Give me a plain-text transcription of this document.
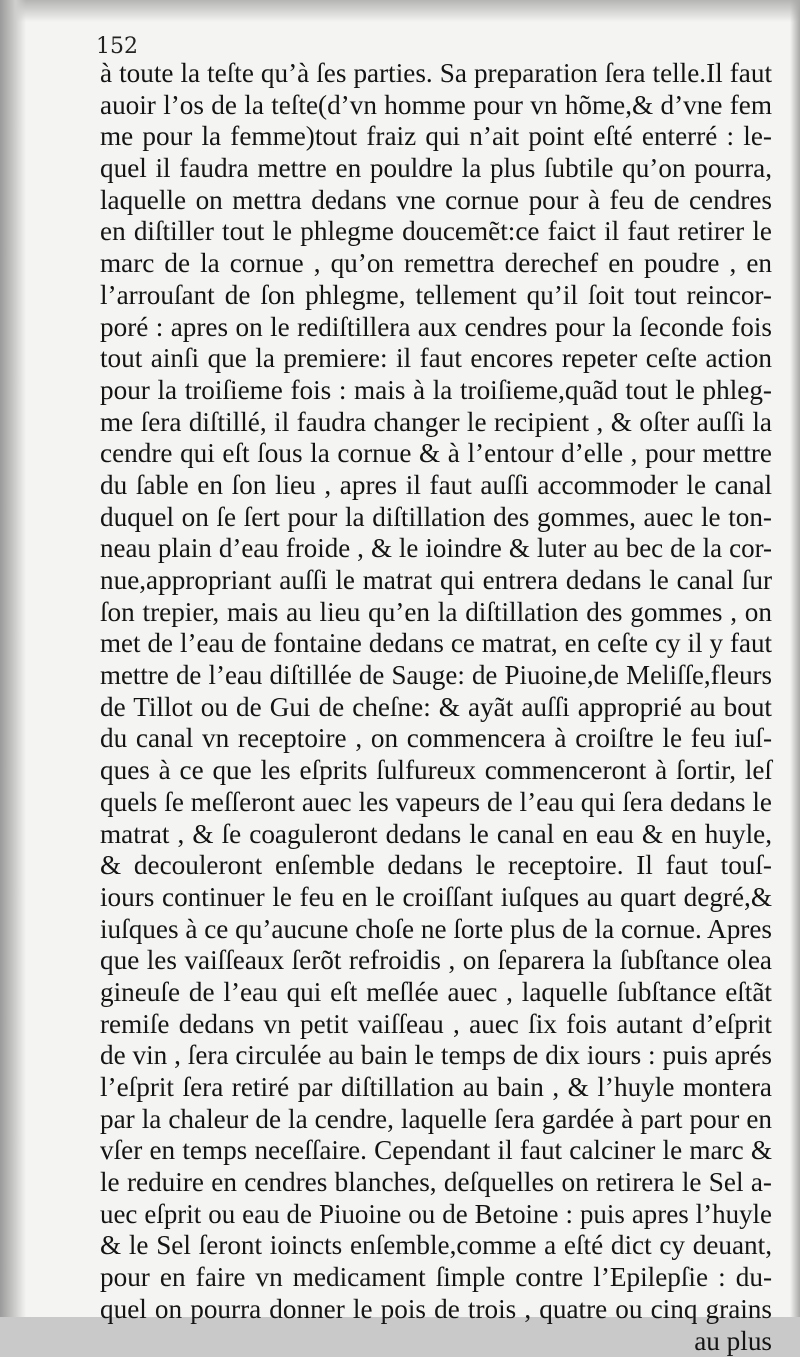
152
à toute la teſte qu’à ſes parties. Sa preparation ſera telle.Il faut
auoir l’os de la teſte(d’vn homme pour vn hõme,& d’vne fem
me pour la femme)tout fraiz qui n’ait point eſté enterré : le-
quel il faudra mettre en pouldre la plus ſubtile qu’on pourra,
laquelle on mettra dedans vne cornue pour à feu de cendres
en diſtiller tout le phlegme doucemẽt:ce faict il faut retirer le
marc de la cornue , qu’on remettra derechef en poudre , en
l’arrouſant de ſon phlegme, tellement qu’il ſoit tout reincor-
poré : apres on le rediſtillera aux cendres pour la ſeconde fois
tout ainſi que la premiere: il faut encores repeter ceſte action
pour la troiſieme fois : mais à la troiſieme,quãd tout le phleg-
me ſera diſtillé, il faudra changer le recipient , & oſter auſſi la
cendre qui eſt ſous la cornue & à l’entour d’elle , pour mettre
du ſable en ſon lieu , apres il faut auſſi accommoder le canal
duquel on ſe ſert pour la diſtillation des gommes, auec le ton-
neau plain d’eau froide , & le ioindre & luter au bec de la cor-
nue,appropriant auſſi le matrat qui entrera dedans le canal ſur
ſon trepier, mais au lieu qu’en la diſtillation des gommes , on
met de l’eau de fontaine dedans ce matrat, en ceſte cy il y faut
mettre de l’eau diſtillée de Sauge: de Piuoine,de Meliſſe,fleurs
de Tillot ou de Gui de cheſne: & ayãt auſſi approprié au bout
du canal vn receptoire , on commencera à croiſtre le feu iuſ-
ques à ce que les eſprits ſulfureux commenceront à ſortir, leſ
quels ſe meſſeront auec les vapeurs de l’eau qui ſera dedans le
matrat , & ſe coaguleront dedans le canal en eau & en huyle,
& decouleront enſemble dedans le receptoire. Il faut touſ-
iours continuer le feu en le croiſſant iuſques au quart degré,&
iuſques à ce qu’aucune choſe ne ſorte plus de la cornue. Apres
que les vaiſſeaux ſerõt refroidis , on ſeparera la ſubſtance olea
gineuſe de l’eau qui eſt meſlée auec , laquelle ſubſtance eſtãt
remiſe dedans vn petit vaiſſeau , auec ſix fois autant d’eſprit
de vin , ſera circulée au bain le temps de dix iours : puis aprés
l’eſprit ſera retiré par diſtillation au bain , & l’huyle montera
par la chaleur de la cendre, laquelle ſera gardée à part pour en
vſer en temps neceſſaire. Cependant il faut calciner le marc &
le reduire en cendres blanches, deſquelles on retirera le Sel a-
uec eſprit ou eau de Piuoine ou de Betoine : puis apres l’huyle
& le Sel ſeront ioincts enſemble,comme a eſté dict cy deuant,
pour en faire vn medicament ſimple contre l’Epilepſie : du-
quel on pourra donner le pois de trois , quatre ou cinq grains
au plus
